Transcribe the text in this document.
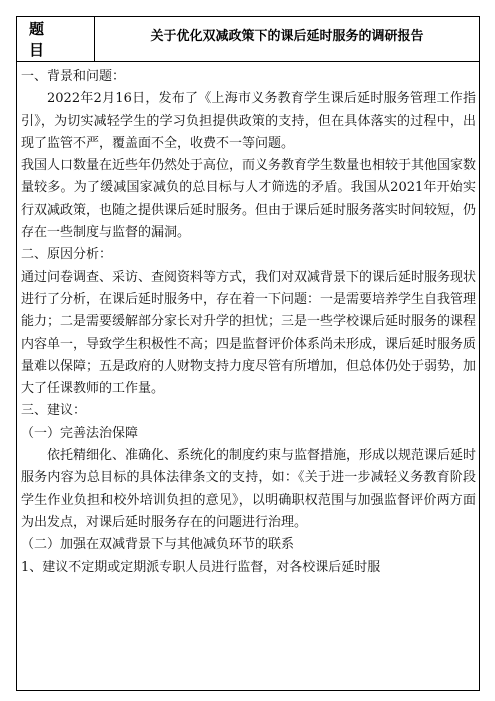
题 目
关于优化双减政策下的课后延时服务的调研报告

一、背景和问题：

2022年2月16日，发布了《上海市义务教育学生课后延时服务管理工作指引》，为切实减轻学生的学习负担提供政策的支持，但在具体落实的过程中，出现了监管不严，覆盖面不全，收费不一等问题。

我国人口数量在近些年仍然处于高位，而义务教育学生数量也相较于其他国家数量较多。为了缓减国家减负的总目标与人才筛选的矛盾。我国从2021年开始实行双减政策，也随之提供课后延时服务。但由于课后延时服务落实时间较短，仍存在一些制度与监督的漏洞。

二、原因分析：

通过问卷调查、采访、查阅资料等方式，我们对双减背景下的课后延时服务现状进行了分析，在课后延时服务中，存在着一下问题：一是需要培养学生自我管理能力；二是需要缓解部分家长对升学的担忧；三是一些学校课后延时服务的课程内容单一，导致学生积极性不高；四是监督评价体系尚未形成，课后延时服务质量难以保障；五是政府的人财物支持力度尽管有所增加，但总体仍处于弱势，加大了任课教师的工作量。

三、建议：

（一）完善法治保障

依托精细化、准确化、系统化的制度约束与监督措施，形成以规范课后延时服务内容为总目标的具体法律条文的支持，如：《关于进一步减轻义务教育阶段学生作业负担和校外培训负担的意见》，以明确职权范围与加强监督评价两方面为出发点，对课后延时服务存在的问题进行治理。

（二）加强在双减背景下与其他减负环节的联系

1、建议不定期或定期派专职人员进行监督，对各校课后延时服
